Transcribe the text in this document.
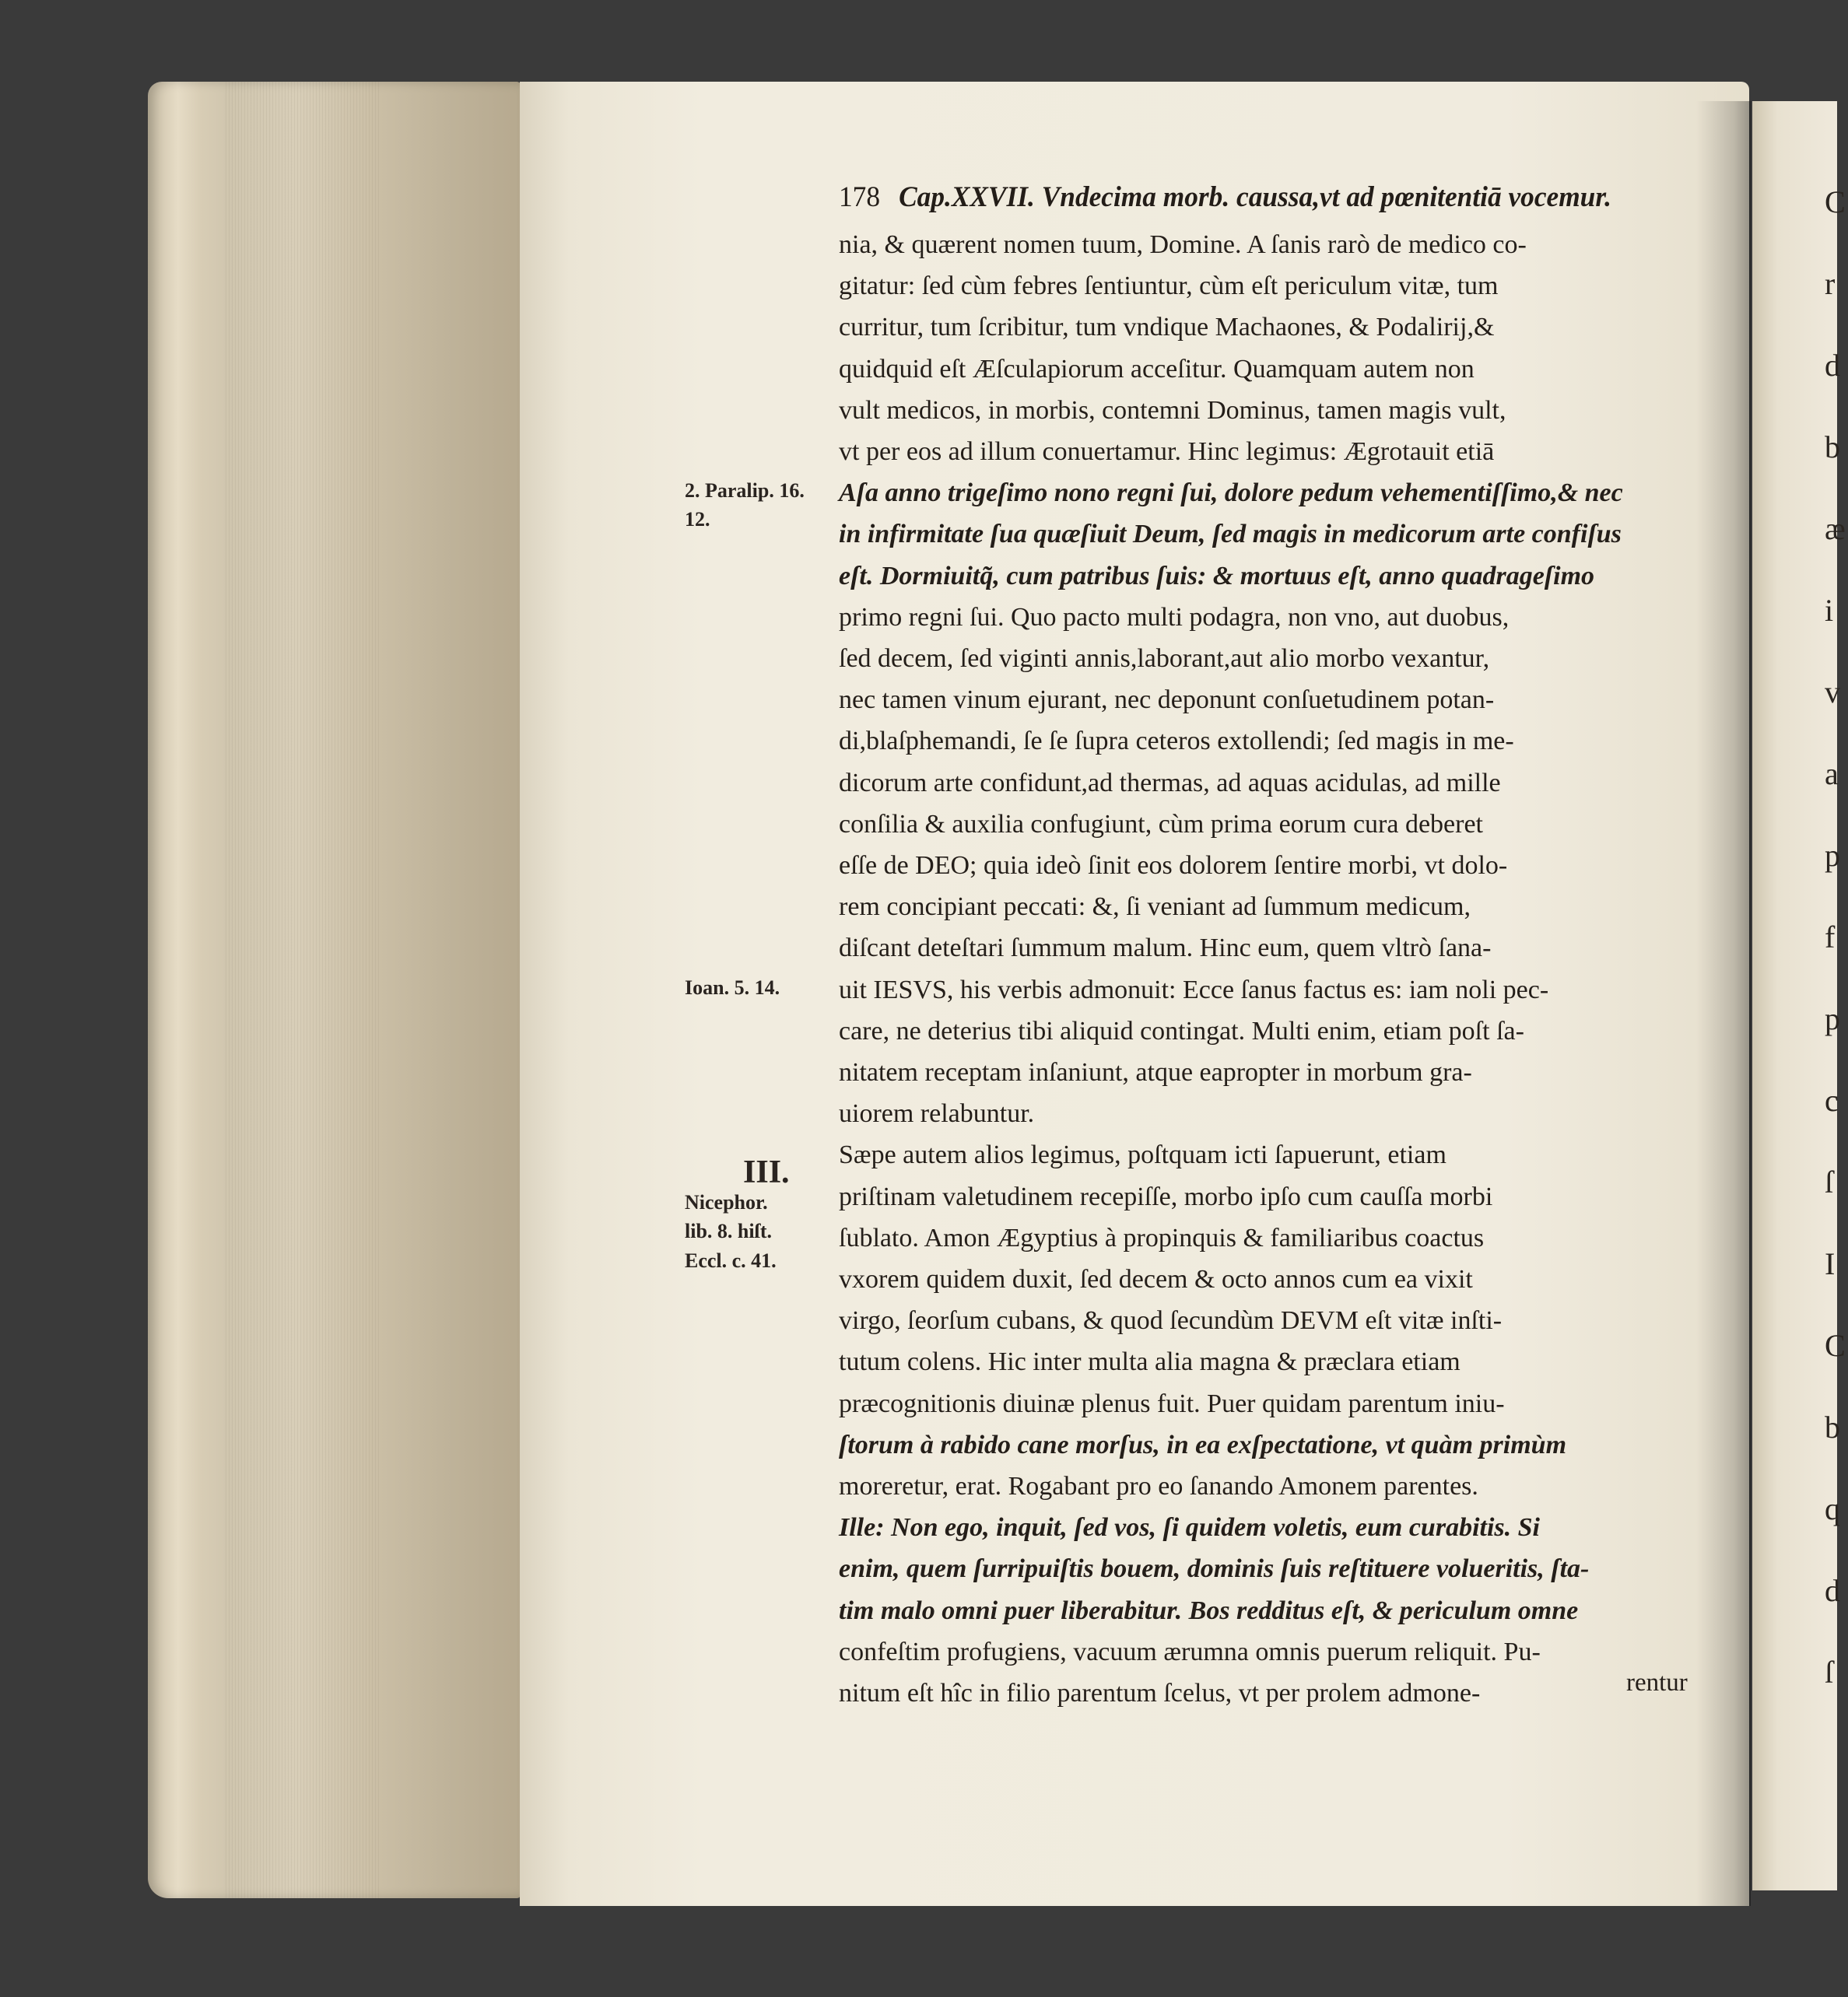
C
r
d
b
æ
i
v
a
p
f
p
c
ſ
I
C
b
q
d
ſ
178 Cap.XXVII. Vndecima morb. caussa,vt ad pœnitentiā vocemur.
nia, & quærent nomen tuum, Domine. A ſanis rarò de medico co-
gitatur: ſed cùm febres ſentiuntur, cùm eſt periculum vitæ, tum
curritur, tum ſcribitur, tum vndique Machaones, & Podalirij,&
quidquid eſt Æſculapiorum acceſitur. Quamquam autem non
vult medicos, in morbis, contemni Dominus, tamen magis vult,
vt per eos ad illum conuertamur. Hinc legimus: Ægrotauit etiā
Aſa anno trigeſimo nono regni ſui, dolore pedum vehementiſſimo,& nec
in infirmitate ſua quæſiuit Deum, ſed magis in medicorum arte confiſus
eſt. Dormiuitq̃, cum patribus ſuis: & mortuus eſt, anno quadrageſimo
primo regni ſui. Quo pacto multi podagra, non vno, aut duobus,
ſed decem, ſed viginti annis,laborant,aut alio morbo vexantur,
nec tamen vinum ejurant, nec deponunt conſuetudinem potan-
di,blaſphemandi, ſe ſe ſupra ceteros extollendi; ſed magis in me-
dicorum arte confidunt,ad thermas, ad aquas acidulas, ad mille
conſilia & auxilia confugiunt, cùm prima eorum cura deberet
eſſe de DEO; quia ideò ſinit eos dolorem ſentire morbi, vt dolo-
rem concipiant peccati: &, ſi veniant ad ſummum medicum,
diſcant deteſtari ſummum malum. Hinc eum, quem vltrò ſana-
uit IESVS, his verbis admonuit: Ecce ſanus factus es: iam noli pec-
care, ne deterius tibi aliquid contingat. Multi enim, etiam poſt ſa-
nitatem receptam inſaniunt, atque eapropter in morbum gra-
uiorem relabuntur.
Sæpe autem alios legimus, poſtquam icti ſapuerunt, etiam
priſtinam valetudinem recepiſſe, morbo ipſo cum cauſſa morbi
ſublato. Amon Ægyptius à propinquis & familiaribus coactus
vxorem quidem duxit, ſed decem & octo annos cum ea vixit
virgo, ſeorſum cubans, & quod ſecundùm DEVM eſt vitæ inſti-
tutum colens. Hic inter multa alia magna & præclara etiam
præcognitionis diuinæ plenus fuit. Puer quidam parentum iniu-
ſtorum à rabido cane morſus, in ea exſpectatione, vt quàm primùm
moreretur, erat. Rogabant pro eo ſanando Amonem parentes.
Ille: Non ego, inquit, ſed vos, ſi quidem voletis, eum curabitis. Si
enim, quem ſurripuiſtis bouem, dominis ſuis reſtituere volueritis, ſta-
tim malo omni puer liberabitur. Bos redditus eſt, & periculum omne
confeſtim profugiens, vacuum ærumna omnis puerum reliquit. Pu-
nitum eſt hîc in filio parentum ſcelus, vt per prolem admone-
2. Paralip. 16.
12.
Ioan. 5. 14.
III.
Nicephor.
lib. 8. hiſt.
Eccl. c. 41.
rentur
